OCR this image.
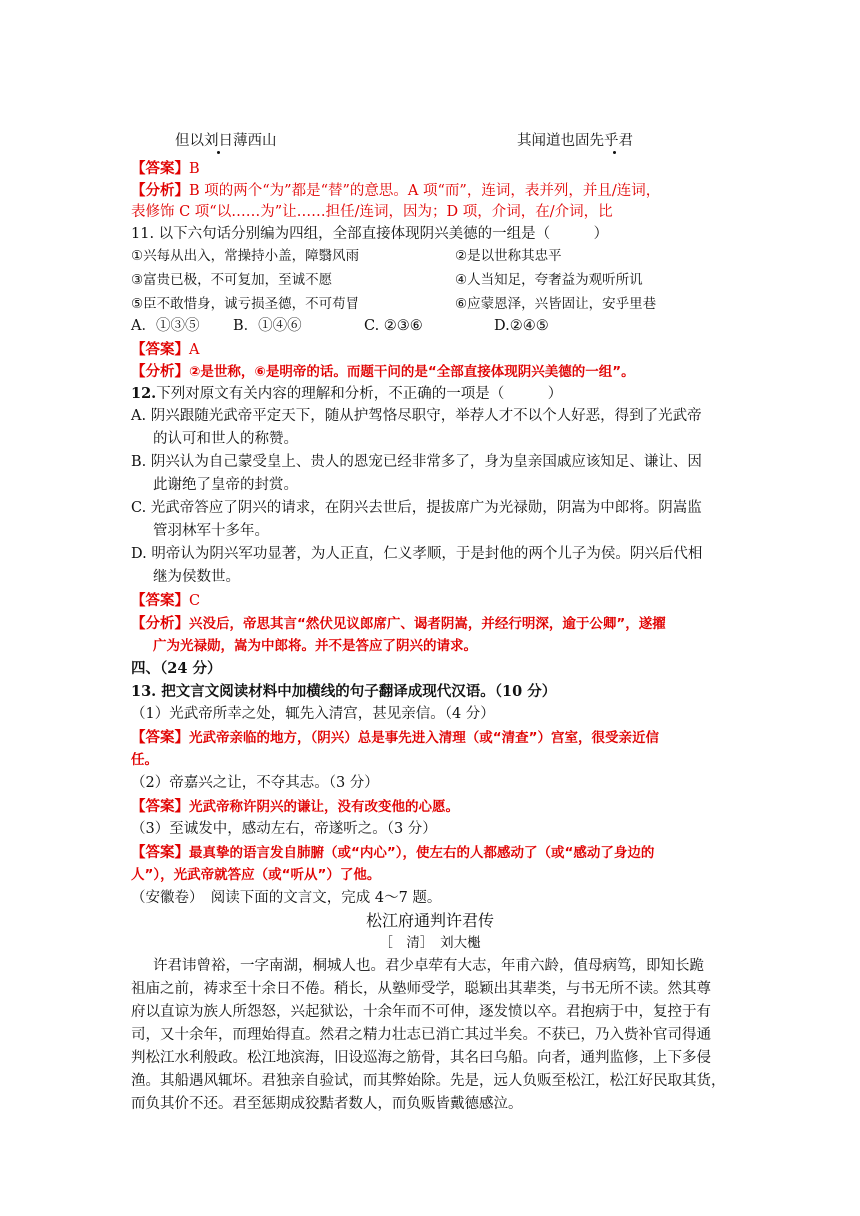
但以刘日薄西山	其闻道也固先乎君
【答案】B
【分析】B 项的两个“为”都是“替”的意思。A 项“而”，连词，表并列，并且/连词，
表修饰 C 项“以……为”让……担任/连词，因为；D 项，介词，在/介词，比
11. 以下六句话分别编为四组，全部直接体现阴兴美德的一组是（　　　）
①兴每从出入，常操持小盖，障翳风雨	②是以世称其忠平
③富贵已极，不可复加，至诚不愿	④人当知足，夸奢益为观听所讥
⑤臣不敢惜身，诚亏损圣德，不可苟冒	⑥应蒙恩泽，兴皆固让，安乎里巷
A．①③⑤	B．①④⑥	C. ②③⑥	D.②④⑤
【答案】A
【分析】②是世称，⑥是明帝的话。而题干问的是“全部直接体现阴兴美德的一组”。
12.下列对原文有关内容的理解和分析，不正确的一项是（　　　）
A. 阴兴跟随光武帝平定天下，随从护驾恪尽职守，举荐人才不以个人好恶，得到了光武帝
的认可和世人的称赞。
B. 阴兴认为自己蒙受皇上、贵人的恩宠已经非常多了，身为皇亲国戚应该知足、谦让、因
此谢绝了皇帝的封赏。
C. 光武帝答应了阴兴的请求，在阴兴去世后，提拔席广为光禄勋，阴嵩为中郎将。阴嵩监
管羽林军十多年。
D. 明帝认为阴兴军功显著，为人正直，仁义孝顺，于是封他的两个儿子为侯。阴兴后代相
继为侯数世。
【答案】C
【分析】兴没后，帝思其言“然伏见议郎席广、谒者阴嵩，并经行明深，逾于公卿”，遂擢
广为光禄勋，嵩为中郎将。并不是答应了阴兴的请求。
四、（24 分）
13. 把文言文阅读材料中加横线的句子翻译成现代汉语。（10 分）
（1）光武帝所幸之处，辄先入清宫，甚见亲信。（4 分）
【答案】光武帝亲临的地方，（阴兴）总是事先进入清理（或“清查”）宫室，很受亲近信
任。
（2）帝嘉兴之让，不夺其志。（3 分）
【答案】光武帝称许阴兴的谦让，没有改变他的心愿。
（3）至诚发中，感动左右，帝遂听之。（3 分）
【答案】最真挚的语言发自肺腑（或“内心”），使左右的人都感动了（或“感动了身边的
人”），光武帝就答应（或“听从”）了他。
（安徽卷）　阅读下面的文言文，完成 4～7 题。
松江府通判许君传
［　清］　刘大櫆
许君讳曾裕，一字南湖，桐城人也。君少卓荦有大志，年甫六龄，值母病笃，即知长跪
祖庙之前，祷求至十余日不倦。稍长，从塾师受学，聪颖出其辈类，与书无所不读。然其尊
府以直谅为族人所怨怒，兴起狱讼，十余年而不可伸，逐发愤以卒。君抱病于中，复控于有
司，又十余年，而理始得直。然君之精力壮志已消亡其过半矣。不获已，乃入赀补官司得通
判松江水利般政。松江地滨海，旧设巡海之筋骨，其名曰乌船。向者，通判监修，上下多侵
渔。其船遇风辄坏。君独亲自验试，而其弊始除。先是，远人负贩至松江，松江好民取其货，
而负其价不还。君至惩期成狡黠者数人，而负贩皆戴德感泣。
